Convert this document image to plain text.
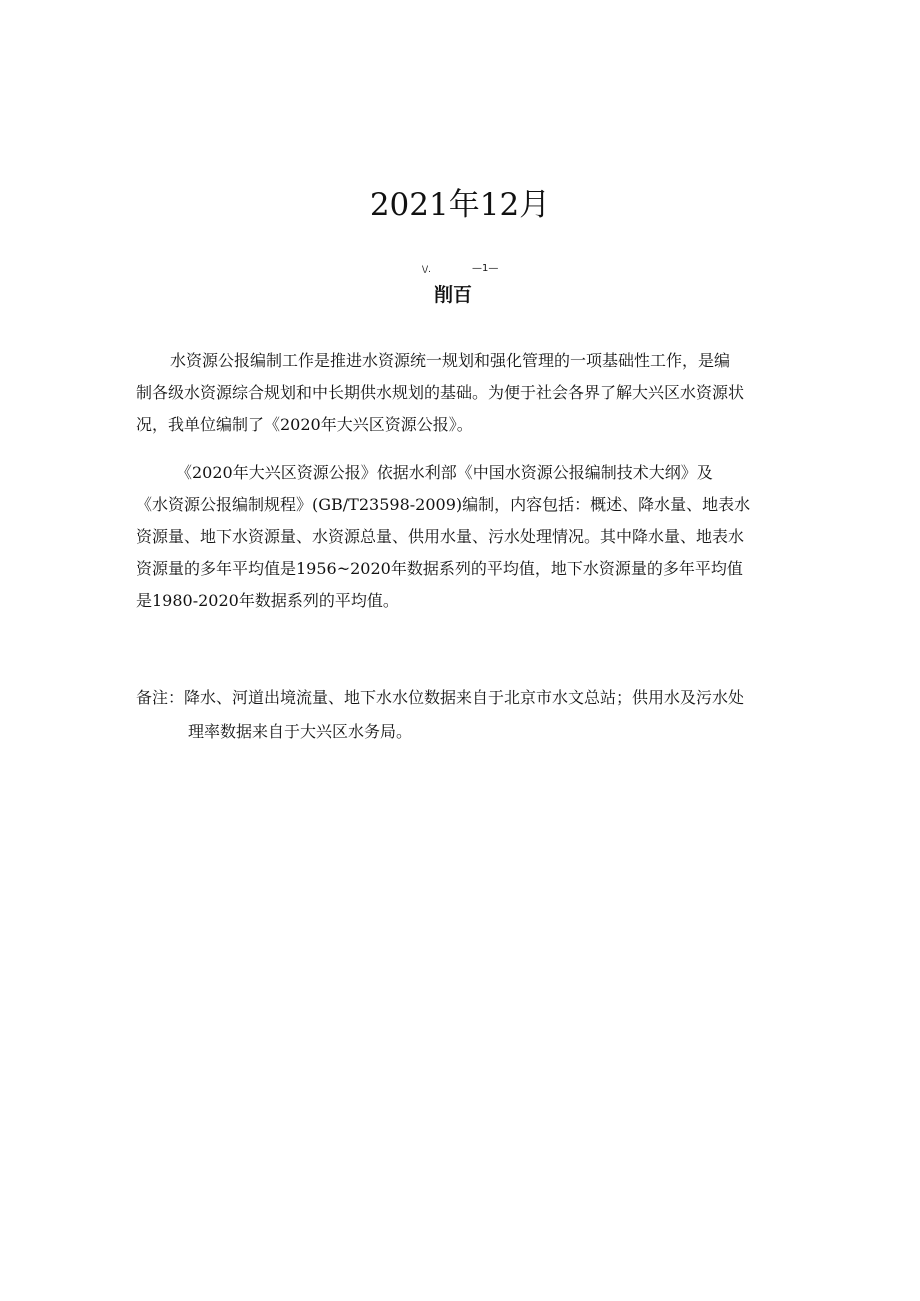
2021年12月
\/.	—1—
削百
水资源公报编制工作是推进水资源统一规划和强化管理的一项基础性工作，是编
制各级水资源综合规划和中长期供水规划的基础。为便于社会各界了解大兴区水资源状
况，我单位编制了《2020年大兴区资源公报》。
《2020年大兴区资源公报》依据水利部《中国水资源公报编制技术大纲》及
《水资源公报编制规程》(GB/T23598-2009)编制，内容包括：概述、降水量、地表水
资源量、地下水资源量、水资源总量、供用水量、污水处理情况。其中降水量、地表水
资源量的多年平均值是1956~2020年数据系列的平均值，地下水资源量的多年平均值
是1980-2020年数据系列的平均值。
备注：降水、河道出境流量、地下水水位数据来自于北京市水文总站；供用水及污水处
理率数据来自于大兴区水务局。
